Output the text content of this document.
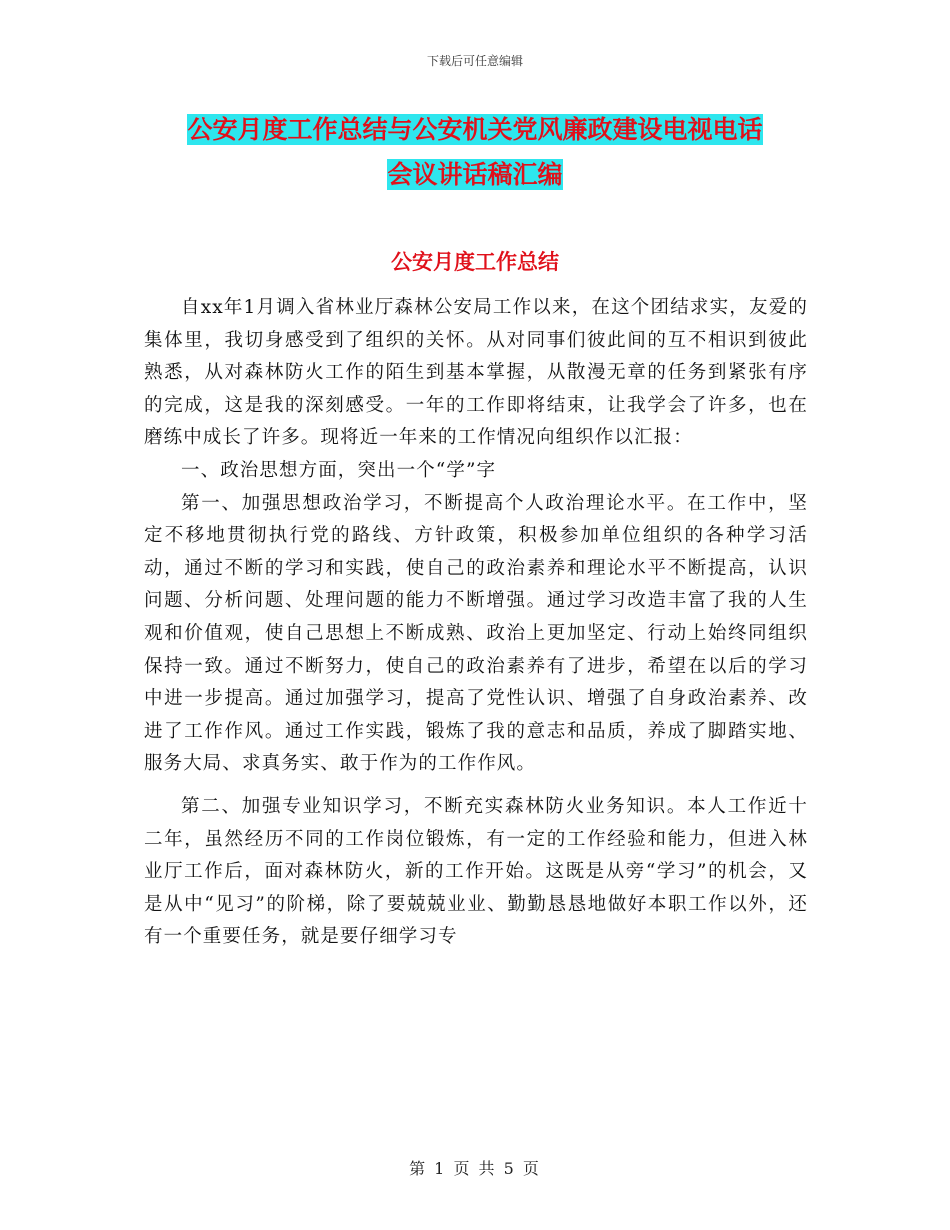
下载后可任意编辑
公安月度工作总结与公安机关党风廉政建设电视电话
会议讲话稿汇编
公安月度工作总结

自xx年1月调入省林业厅森林公安局工作以来，在这个团结求实，友爱的集体里，我切身感受到了组织的关怀。从对同事们彼此间的互不相识到彼此熟悉，从对森林防火工作的陌生到基本掌握，从散漫无章的任务到紧张有序的完成，这是我的深刻感受。一年的工作即将结束，让我学会了许多，也在磨练中成长了许多。现将近一年来的工作情况向组织作以汇报：

一、政治思想方面，突出一个“学”字

第一、加强思想政治学习，不断提高个人政治理论水平。在工作中，坚定不移地贯彻执行党的路线、方针政策，积极参加单位组织的各种学习活动，通过不断的学习和实践，使自己的政治素养和理论水平不断提高，认识问题、分析问题、处理问题的能力不断增强。通过学习改造丰富了我的人生观和价值观，使自己思想上不断成熟、政治上更加坚定、行动上始终同组织保持一致。通过不断努力，使自己的政治素养有了进步，希望在以后的学习中进一步提高。通过加强学习，提高了党性认识、增强了自身政治素养、改进了工作作风。通过工作实践，锻炼了我的意志和品质，养成了脚踏实地、服务大局、求真务实、敢于作为的工作作风。

第二、加强专业知识学习，不断充实森林防火业务知识。本人工作近十二年，虽然经历不同的工作岗位锻炼，有一定的工作经验和能力，但进入林业厅工作后，面对森林防火，新的工作开始。这既是从旁“学习”的机会，又是从中“见习”的阶梯，除了要兢兢业业、勤勤恳恳地做好本职工作以外，还有一个重要任务，就是要仔细学习专

第 1 页 共 5 页
